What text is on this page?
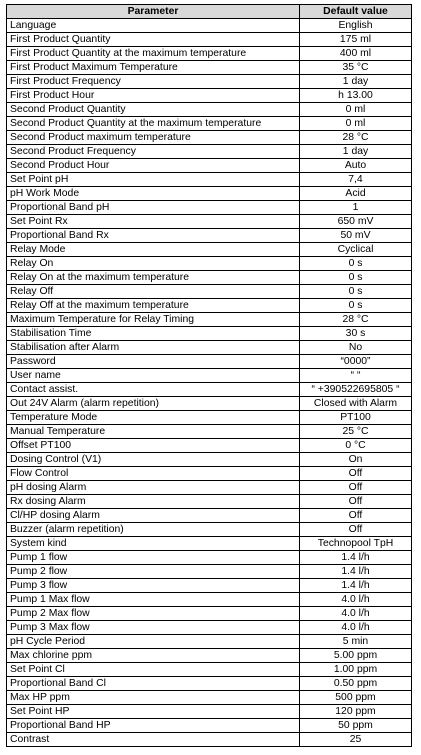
Parameter	Default value
Language	English
First Product Quantity	175 ml
First Product Quantity at the maximum temperature	400 ml
First Product Maximum Temperature	35 °C
First Product Frequency	1 day
First Product Hour	h 13.00
Second Product Quantity	0 ml
Second Product Quantity at the maximum temperature	0 ml
Second Product maximum temperature	28 °C
Second Product Frequency	1 day
Second Product Hour	Auto
Set Point pH	7,4
pH Work Mode	Acid
Proportional Band pH	1
Set Point Rx	650 mV
Proportional Band Rx	50 mV
Relay Mode	Cyclical
Relay On	0 s
Relay On at the maximum temperature	0 s
Relay Off	0 s
Relay Off at the maximum temperature	0 s
Maximum Temperature for Relay Timing	28 °C
Stabilisation Time	30 s
Stabilisation after Alarm	No
Password	“0000”
User name	“ “
Contact assist.	“ +390522695805 “
Out 24V Alarm (alarm repetition)	Closed with Alarm
Temperature Mode	PT100
Manual Temperature	25 °C
Offset PT100	0 °C
Dosing Control (V1)	On
Flow Control	Off
pH dosing Alarm	Off
Rx dosing Alarm	Off
Cl/HP dosing Alarm	Off
Buzzer (alarm repetition)	Off
System kind	Technopool TpH
Pump 1 flow	1.4 l/h
Pump 2 flow	1.4 l/h
Pump 3 flow	1.4 l/h
Pump 1 Max flow	4.0 l/h
Pump 2 Max flow	4.0 l/h
Pump 3 Max flow	4.0 l/h
pH Cycle Period	5 min
Max chlorine ppm	5.00 ppm
Set Point Cl	1.00 ppm
Proportional Band Cl	0.50 ppm
Max HP ppm	500 ppm
Set Point HP	120 ppm
Proportional Band HP	50 ppm
Contrast	25
